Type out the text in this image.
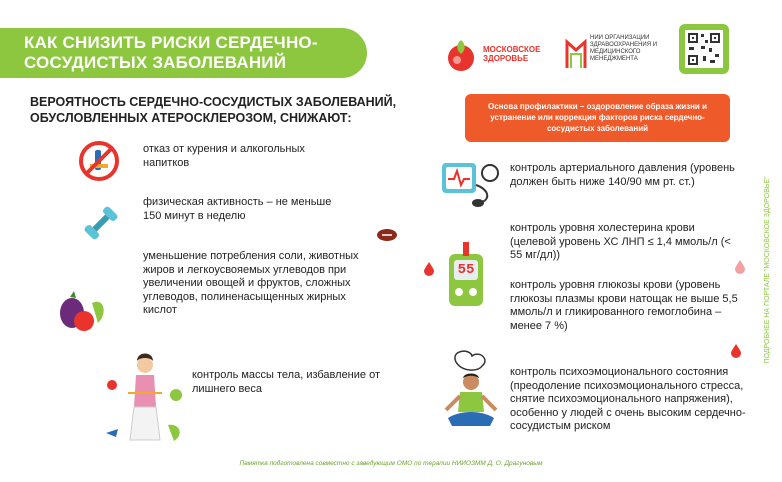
КАК СНИЗИТЬ РИСКИ СЕРДЕЧНО-СОСУДИСТЫХ ЗАБОЛЕВАНИЙ
МОСКОВСКОЕ ЗДОРОВЬЕ
НИИ ОРГАНИЗАЦИИ ЗДРАВООХРАНЕНИЯ И МЕДИЦИНСКОГО МЕНЕДЖМЕНТА
ВЕРОЯТНОСТЬ СЕРДЕЧНО-СОСУДИСТЫХ ЗАБОЛЕВАНИЙ, ОБУСЛОВЛЕННЫХ АТЕРОСКЛЕРОЗОМ, СНИЖАЮТ:
Основа профилактики – оздоровление образа жизни и устранение или коррекция факторов риска сердечно-сосудистых заболеваний
отказ от курения и алкогольных напитков
физическая активность – не меньше 150 минут в неделю
уменьшение потребления соли, животных жиров и легкоусвояемых углеводов при увеличении овощей и фруктов, сложных углеводов, полиненасыщенных жирных кислот
контроль массы тела, избавление от лишнего веса
контроль артериального давления (уровень должен быть ниже 140/90 мм рт. ст.)
55
контроль уровня холестерина крови (целевой уровень ХС ЛНП ≤ 1,4 ммоль/л (< 55 мг/дл))
контроль уровня глюкозы крови (уровень глюкозы плазмы крови натощак не выше 5,5 ммоль/л и гликированного гемоглобина – менее 7 %)
контроль психоэмоционального состояния (преодоление психоэмоционального стресса, снятие психоэмоционального напряжения), особенно у людей с очень высоким сердечно-сосудистым риском
ПОДРОБНЕЕ НА ПОРТАЛЕ "МОСКОВСКОЕ ЗДОРОВЬЕ"
Памятка подготовлена совместно с заведующим ОМО по терапии НИИОЗММ Д. О. Драгуновым
